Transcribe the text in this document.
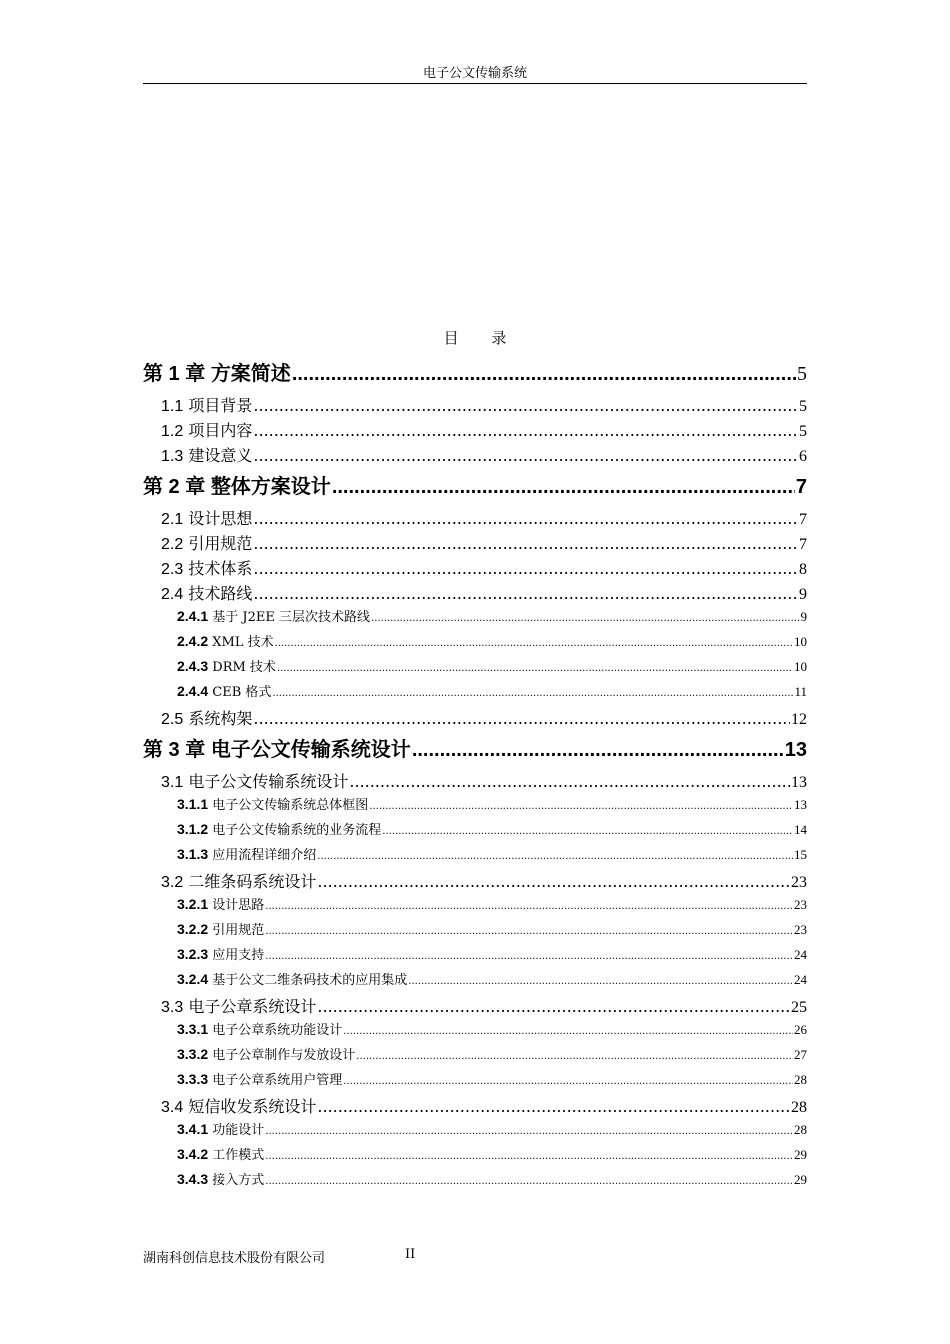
电子公文传输系统
目 录
第 1 章 方案简述 .....	5
1.1 项目背景 .....	5
1.2 项目内容 .....	5
1.3 建设意义 .....	6
第 2 章 整体方案设计 .....	7
2.1 设计思想 .....	7
2.2 引用规范 .....	7
2.3 技术体系 .....	8
2.4 技术路线 .....	9
2.4.1 基于 J2EE 三层次技术路线 .....	9
2.4.2 XML 技术 .....	10
2.4.3 DRM 技术 .....	10
2.4.4 CEB 格式 .....	11
2.5 系统构架 .....	12
第 3 章 电子公文传输系统设计 .....	13
3.1 电子公文传输系统设计 .....	13
3.1.1 电子公文传输系统总体框图 .....	13
3.1.2 电子公文传输系统的业务流程 .....	14
3.1.3 应用流程详细介绍 .....	15
3.2 二维条码系统设计 .....	23
3.2.1 设计思路 .....	23
3.2.2 引用规范 .....	23
3.2.3 应用支持 .....	24
3.2.4 基于公文二维条码技术的应用集成 .....	24
3.3 电子公章系统设计 .....	25
3.3.1 电子公章系统功能设计 .....	26
3.3.2 电子公章制作与发放设计 .....	27
3.3.3 电子公章系统用户管理 .....	28
3.4 短信收发系统设计 .....	28
3.4.1 功能设计 .....	28
3.4.2 工作模式 .....	29
3.4.3 接入方式 .....	29
湖南科创信息技术股份有限公司	II
